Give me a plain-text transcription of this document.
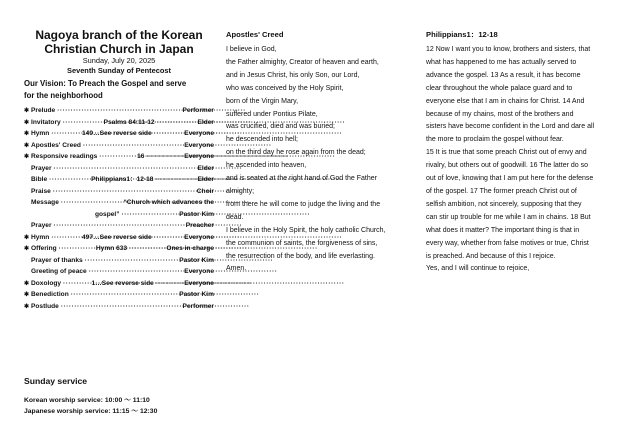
Nagoya branch of the Korean
Christian Church in Japan
Sunday, July 20, 2025
Seventh Sunday of Pentecost
Our Vision: To Preach the Gospel and serve
for the neighborhood
✱ Prelude ·····	Performer
✱ Invitatory ·····	Psalms 84:11-12 ·····	Elder
✱ Hymn ·····	149…See reverse side ·····	Everyone
✱ Apostles' Creed ·····	Everyone
✱ Responsive readings ·····	16 ·····	Everyone
Prayer ·····	Elder
Bible ·····	Philippians1：12-18 ·····	Elder
Praise ·····	Choir
Message ·····	“Church which advances the
gospel” ·····	Pastor Kim
Prayer ·····	Preacher
✱ Hymn ·····	497…See reverse side ·····	Everyone
✱ Offering ·····	Hymn 633 ·····	Ones in charge
Prayer of thanks ·····	Pastor Kim
Greeting of peace ·····	Everyone
✱ Doxology ·····	1…See reverse side ·····	Everyone
✱ Benediction ·····	Pastor Kim
✱ Postlude ·····	Performer
Sunday service
Korean worship service: 10:00 〜 11:10
Japanese worship service: 11:15 〜 12:30
Apostles' Creed
I believe in God,
the Father almighty, Creator of heaven and earth,
and in Jesus Christ, his only Son, our Lord,
who was conceived by the Holy Spirit,
born of the Virgin Mary,
suffered under Pontius Pilate,
was crucified, died and was buried;
he descended into hell;
on the third day he rose again from the dead;
he ascended into heaven,
and is seated at the right hand of God the Father
almighty;
from there he will come to judge the living and the
dead.
I believe in the Holy Spirit, the holy catholic Church,
the communion of saints, the forgiveness of sins,
the resurrection of the body, and life everlasting.
Amen.
Philippians1：12-18
12 Now I want you to know, brothers and sisters, that
what has happened to me has actually served to
advance the gospel. 13 As a result, it has become
clear throughout the whole palace guard and to
everyone else that I am in chains for Christ. 14 And
because of my chains, most of the brothers and
sisters have become confident in the Lord and dare all
the more to proclaim the gospel without fear.
15 It is true that some preach Christ out of envy and
rivalry, but others out of goodwill. 16 The latter do so
out of love, knowing that I am put here for the defense
of the gospel. 17 The former preach Christ out of
selfish ambition, not sincerely, supposing that they
can stir up trouble for me while I am in chains. 18 But
what does it matter? The important thing is that in
every way, whether from false motives or true, Christ
is preached. And because of this I rejoice.
Yes, and I will continue to rejoice,
